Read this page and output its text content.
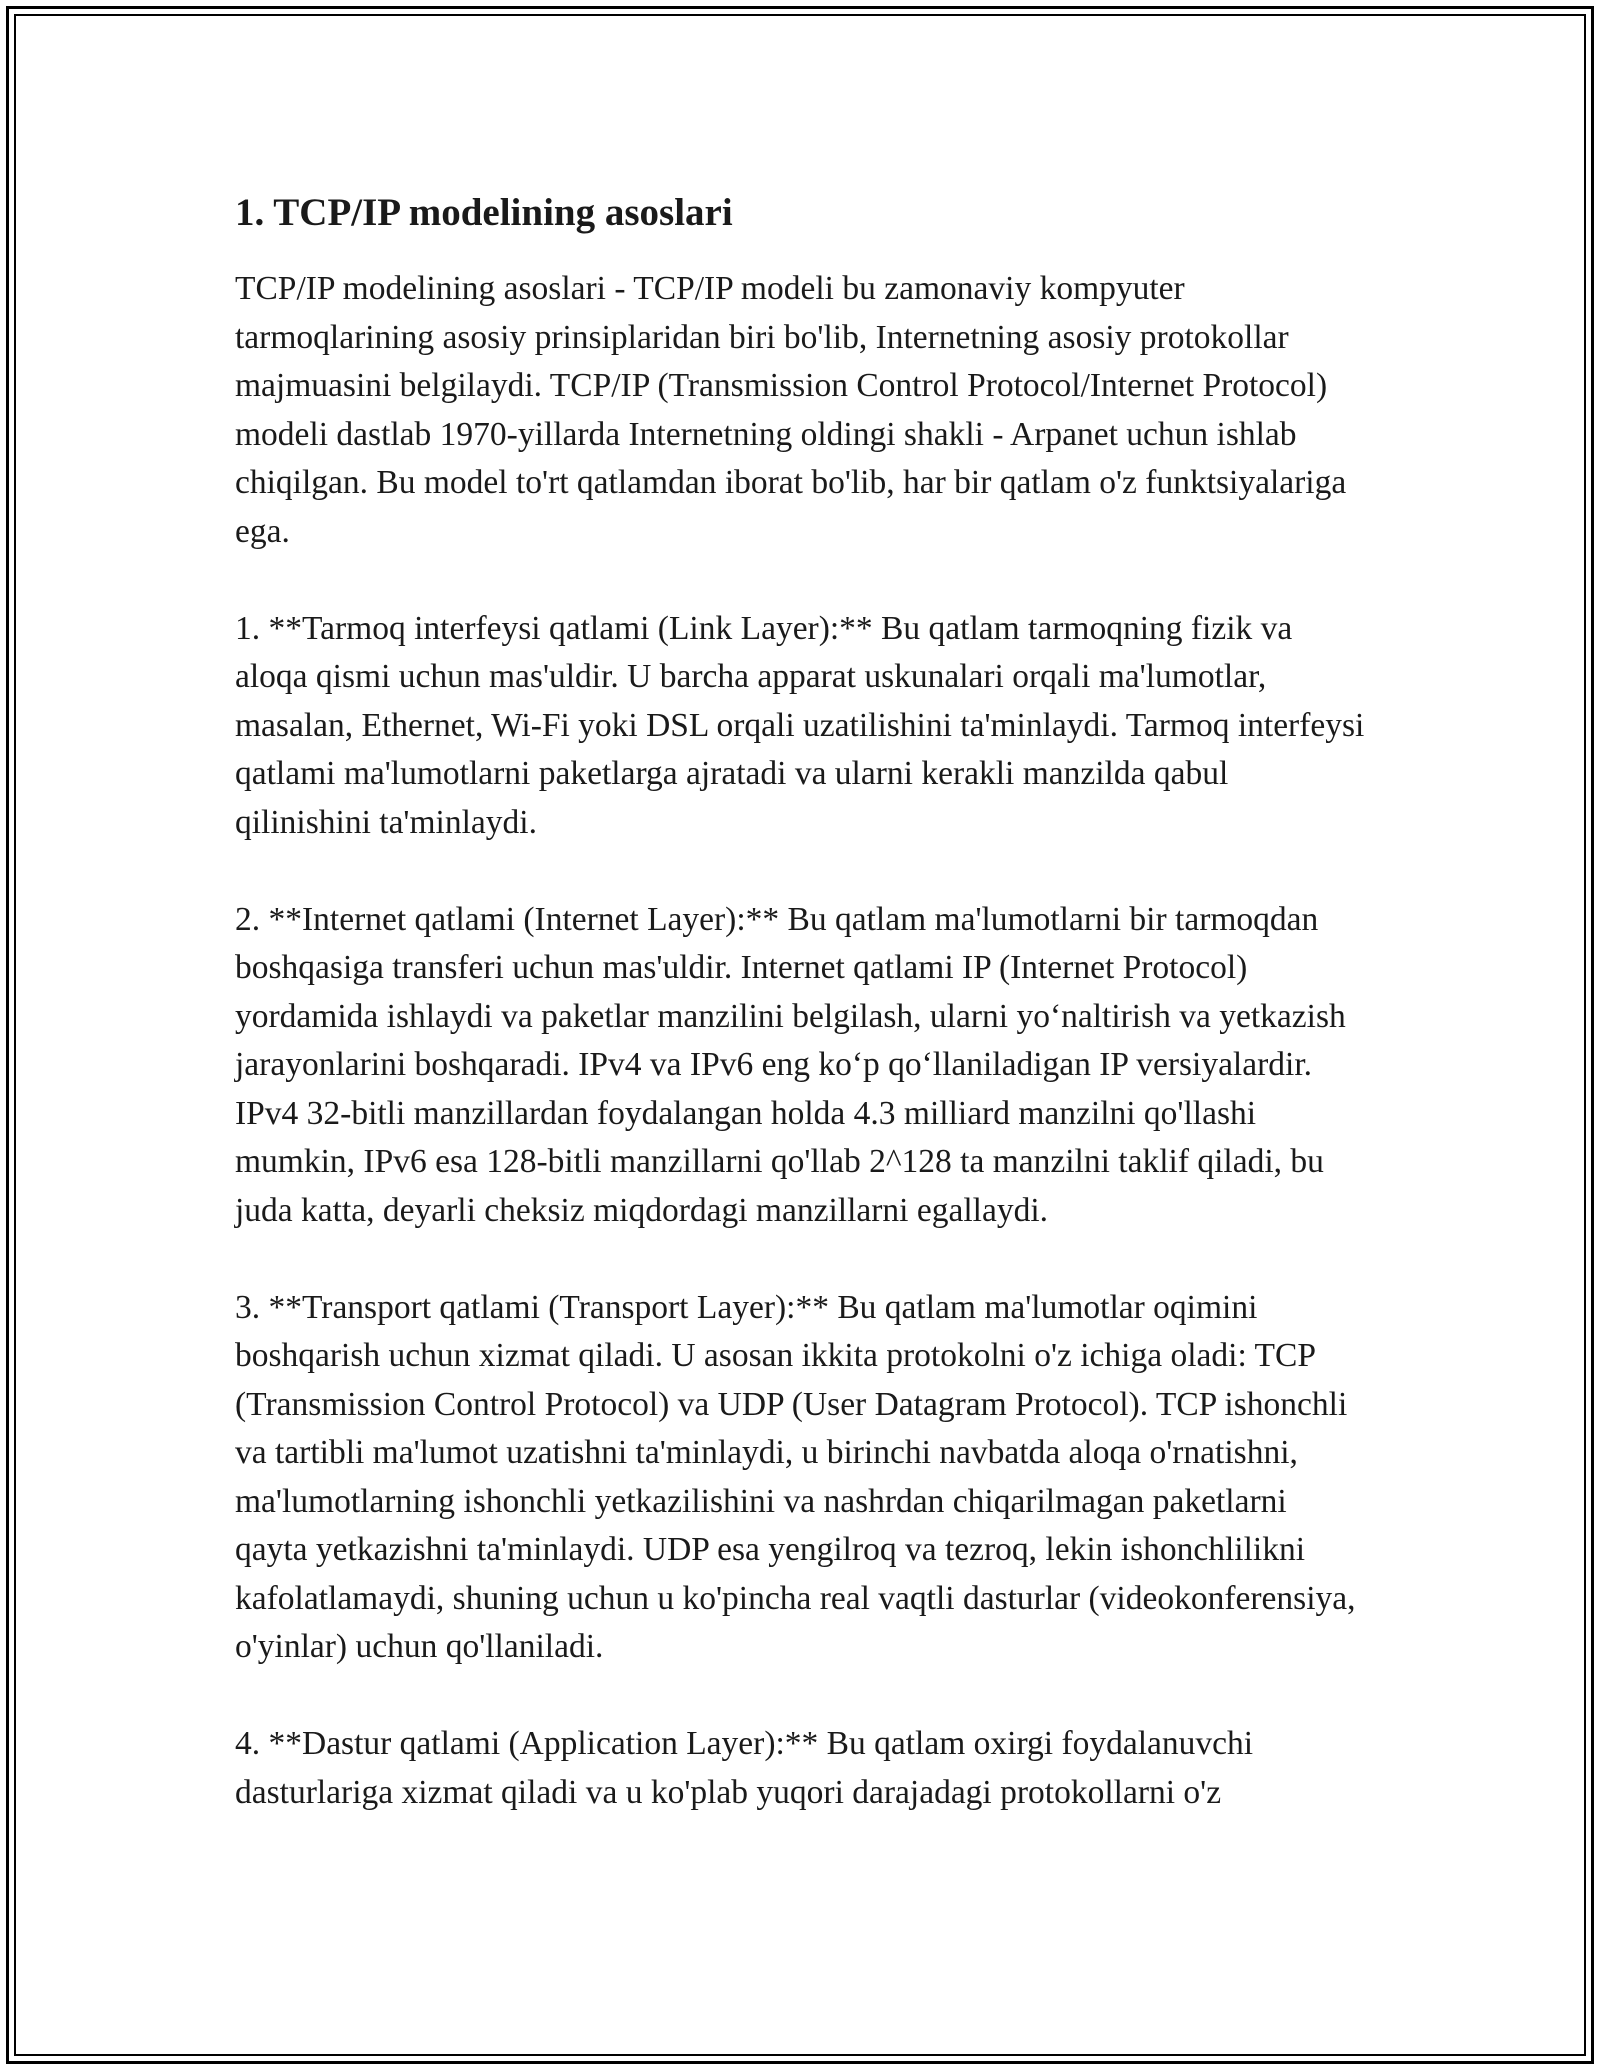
1. TCP/IP modelining asoslari

TCP/IP modelining asoslari - TCP/IP modeli bu zamonaviy kompyuter tarmoqlarining asosiy prinsiplaridan biri bo'lib, Internetning asosiy protokollar majmuasini belgilaydi. TCP/IP (Transmission Control Protocol/Internet Protocol) modeli dastlab 1970-yillarda Internetning oldingi shakli - Arpanet uchun ishlab chiqilgan. Bu model to'rt qatlamdan iborat bo'lib, har bir qatlam o'z funktsiyalariga ega.

1. **Tarmoq interfeysi qatlami (Link Layer):** Bu qatlam tarmoqning fizik va aloqa qismi uchun mas'uldir. U barcha apparat uskunalari orqali ma'lumotlar, masalan, Ethernet, Wi-Fi yoki DSL orqali uzatilishini ta'minlaydi. Tarmoq interfeysi qatlami ma'lumotlarni paketlarga ajratadi va ularni kerakli manzilda qabul qilinishini ta'minlaydi.

2. **Internet qatlami (Internet Layer):** Bu qatlam ma'lumotlarni bir tarmoqdan boshqasiga transferi uchun mas'uldir. Internet qatlami IP (Internet Protocol) yordamida ishlaydi va paketlar manzilini belgilash, ularni yo‘naltirish va yetkazish jarayonlarini boshqaradi. IPv4 va IPv6 eng ko‘p qo‘llaniladigan IP versiyalardir. IPv4 32-bitli manzillardan foydalangan holda 4.3 milliard manzilni qo'llashi mumkin, IPv6 esa 128-bitli manzillarni qo'llab 2^128 ta manzilni taklif qiladi, bu juda katta, deyarli cheksiz miqdordagi manzillarni egallaydi.

3. **Transport qatlami (Transport Layer):** Bu qatlam ma'lumotlar oqimini boshqarish uchun xizmat qiladi. U asosan ikkita protokolni o'z ichiga oladi: TCP (Transmission Control Protocol) va UDP (User Datagram Protocol). TCP ishonchli va tartibli ma'lumot uzatishni ta'minlaydi, u birinchi navbatda aloqa o'rnatishni, ma'lumotlarning ishonchli yetkazilishini va nashrdan chiqarilmagan paketlarni qayta yetkazishni ta'minlaydi. UDP esa yengilroq va tezroq, lekin ishonchlilikni kafolatlamaydi, shuning uchun u ko'pincha real vaqtli dasturlar (videokonferensiya, o'yinlar) uchun qo'llaniladi.

4. **Dastur qatlami (Application Layer):** Bu qatlam oxirgi foydalanuvchi dasturlariga xizmat qiladi va u ko'plab yuqori darajadagi protokollarni o'z
